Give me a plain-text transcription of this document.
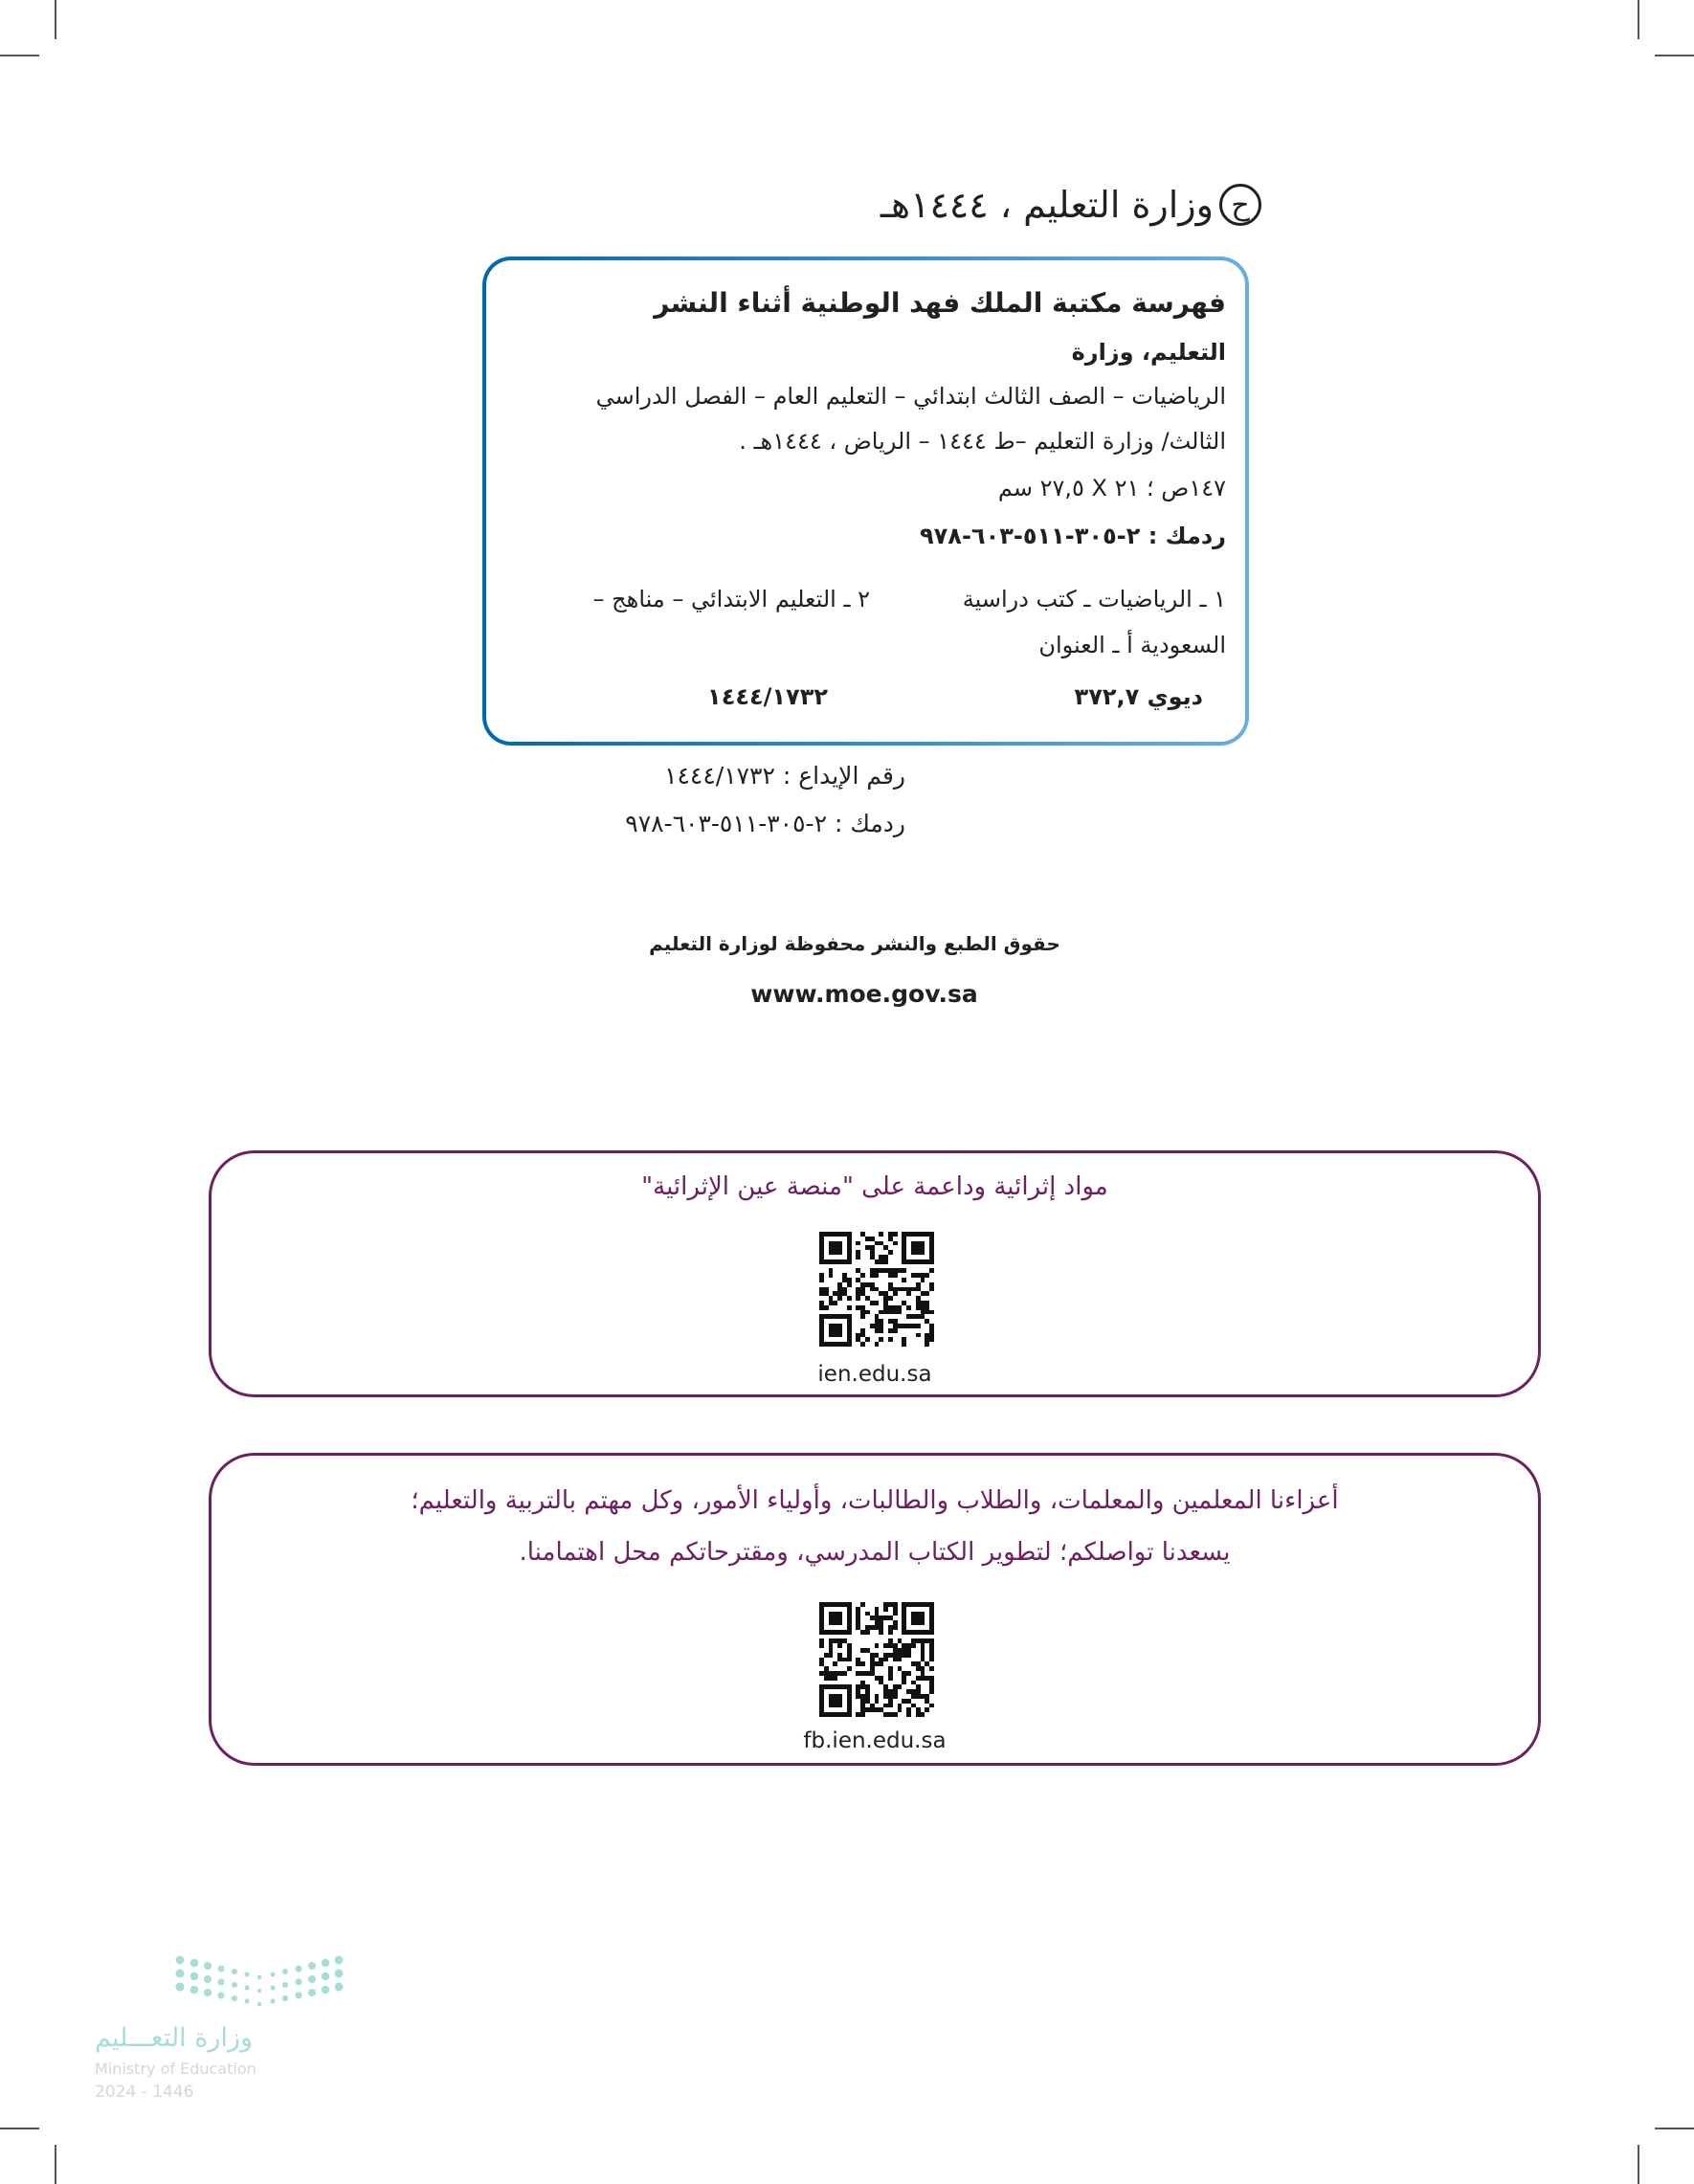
ح
وزارة التعليم ، ١٤٤٤هـ
فهرسة مكتبة الملك فهد الوطنية أثناء النشر
التعليم، وزارة
الرياضيات – الصف الثالث ابتدائي – التعليم العام – الفصل الدراسي
الثالث/ وزارة التعليم –ط ١٤٤٤ – الرياض ، ١٤٤٤هـ .
١٤٧ص ؛ ٢١ X ٢٧,٥ سم
ردمك : ٢-٣٠٥-٥١١-٦٠٣-٩٧٨
١ ـ الرياضيات ـ كتب دراسية
٢ ـ التعليم الابتدائي – مناهج –
السعودية أ ـ العنوان
ديوي ٣٧٢,٧
١٤٤٤/١٧٣٢
رقم الإيداع : ١٤٤٤/١٧٣٢
ردمك : ٢-٣٠٥-٥١١-٦٠٣-٩٧٨
حقوق الطبع والنشر محفوظة لوزارة التعليم
www.moe.gov.sa
مواد إثرائية وداعمة على "منصة عين الإثرائية"
ien.edu.sa
أعزاءنا المعلمين والمعلمات، والطلاب والطالبات، وأولياء الأمور، وكل مهتم بالتربية والتعليم؛
يسعدنا تواصلكم؛ لتطوير الكتاب المدرسي، ومقترحاتكم محل اهتمامنا.
fb.ien.edu.sa
وزارة التعـــليم
Ministry of Education
2024 - 1446
